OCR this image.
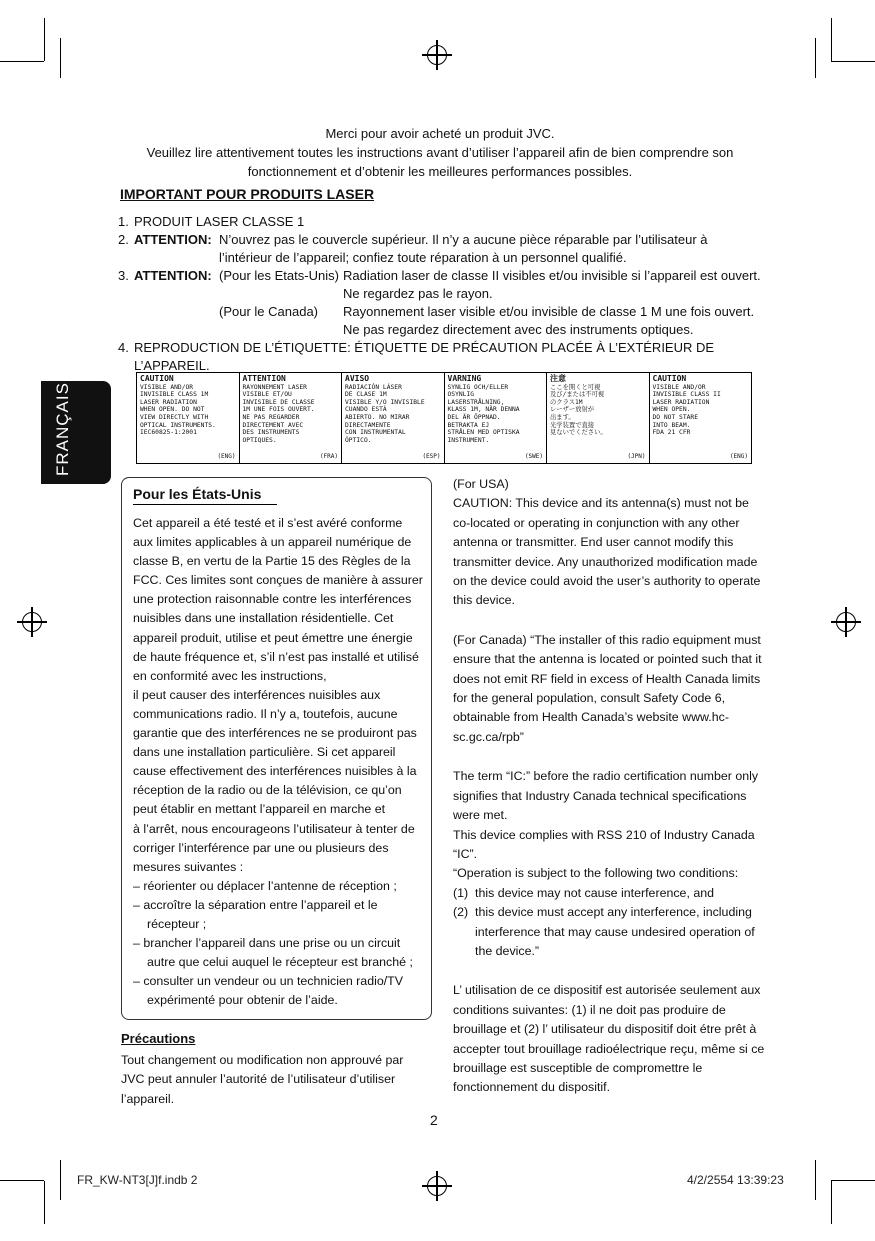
Merci pour avoir acheté un produit JVC.
Veuillez lire attentivement toutes les instructions avant d’utiliser l’appareil afin de bien comprendre son
fonctionnement et d’obtenir les meilleures performances possibles.
IMPORTANT POUR PRODUITS LASER
1. PRODUIT LASER CLASSE 1
2. ATTENTION: N’ouvrez pas le couvercle supérieur. Il n’y a aucune pièce réparable par l’utilisateur à l’intérieur de l’appareil; confiez toute réparation à un personnel qualifié.
3. ATTENTION: (Pour les Etats-Unis) Radiation laser de classe II visibles et/ou invisible si l’appareil est ouvert. Ne regardez pas le rayon.
(Pour le Canada) Rayonnement laser visible et/ou invisible de classe 1 M une fois ouvert. Ne pas regardez directement avec des instruments optiques.
4. REPRODUCTION DE L’ÉTIQUETTE: ÉTIQUETTE DE PRÉCAUTION PLACÉE À L’EXTÉRIEUR DE L’APPAREIL.
FRANÇAIS
CAUTION
VISIBLE AND/OR
INVISIBLE CLASS 1M
LASER RADIATION
WHEN OPEN. DO NOT
VIEW DIRECTLY WITH
OPTICAL INSTRUMENTS.
IEC60825-1:2001
(ENG)
ATTENTION
RAYONNEMENT LASER
VISIBLE ET/OU
INVISIBLE DE CLASSE
1M UNE FOIS OUVERT.
NE PAS REGARDER
DIRECTEMENT AVEC
DES INSTRUMENTS
OPTIQUES.
(FRA)
AVISO
RADIACIÓN LÁSER
DE CLASE 1M
VISIBLE Y/O INVISIBLE
CUANDO ESTÁ
ABIERTO. NO MIRAR
DIRECTAMENTE
CON INSTRUMENTAL
ÓPTICO.
(ESP)
VARNING
SYNLIG OCH/ELLER
OSYNLIG
LASERSTRÅLNING,
KLASS 1M, NÄR DENNA
DEL ÄR ÖPPNAD.
BETRAKTA EJ
STRÅLEN MED OPTISKA
INSTRUMENT.
(SWE)
注意
ここを開くと可視
及び/または不可視
のクラス1M
レーザー放射が
出ます。
光学装置で直接
見ないでください。
(JPN)
CAUTION
VISIBLE AND/OR
INVISIBLE CLASS II
LASER RADIATION
WHEN OPEN.
DO NOT STARE
INTO BEAM.
FDA 21 CFR
(ENG)
Pour les États-Unis

Cet appareil a été testé et il s’est avéré conforme aux limites applicables à un appareil numérique de classe B, en vertu de la Partie 15 des Règles de la FCC. Ces limites sont conçues de manière à assurer une protection raisonnable contre les interférences nuisibles dans une installation résidentielle. Cet appareil produit, utilise et peut émettre une énergie de haute fréquence et, s’il n’est pas installé et utilisé en conformité avec les instructions,

il peut causer des interférences nuisibles aux communications radio. Il n’y a, toutefois, aucune garantie que des interférences ne se produiront pas dans une installation particulière. Si cet appareil cause effectivement des interférences nuisibles à la réception de la radio ou de la télévision, ce qu’on peut établir en mettant l’appareil en marche et

à l’arrêt, nous encourageons l’utilisateur à tenter de corriger l’interférence par une ou plusieurs des mesures suivantes :

– réorienter ou déplacer l’antenne de réception ;

– accroître la séparation entre l’appareil et le récepteur ;

– brancher l’appareil dans une prise ou un circuit autre que celui auquel le récepteur est branché ;

– consulter un vendeur ou un technicien radio/TV expérimenté pour obtenir de l’aide.

Précautions
Tout changement ou modification non approuvé par JVC peut annuler l’autorité de l’utilisateur d’utiliser l’appareil.

(For USA)

CAUTION: This device and its antenna(s) must not be co-located or operating in conjunction with any other antenna or transmitter. End user cannot modify this transmitter device. Any unauthorized modification made on the device could avoid the user’s authority to operate this device.

(For Canada) “The installer of this radio equipment must ensure that the antenna is located or pointed such that it does not emit RF field in excess of Health Canada limits for the general population, consult Safety Code 6, obtainable from Health Canada’s website www.hc-sc.gc.ca/rpb”

The term “IC:” before the radio certification number only signifies that Industry Canada technical specifications were met.

This device complies with RSS 210 of Industry Canada “IC”.

“Operation is subject to the following two conditions:

(1) this device may not cause interference, and
(2) this device must accept any interference, including interference that may cause undesired operation of the device.”

L’ utilisation de ce dispositif est autorisée seulement aux conditions suivantes: (1) il ne doit pas produire de brouillage et (2) l’ utilisateur du dispositif doit étre prêt à accepter tout brouillage radioélectrique reçu, même si ce brouillage est susceptible de compromettre le fonctionnement du dispositif.

2
FR_KW-NT3[J]f.indb 2	4/2/2554 13:39:23
